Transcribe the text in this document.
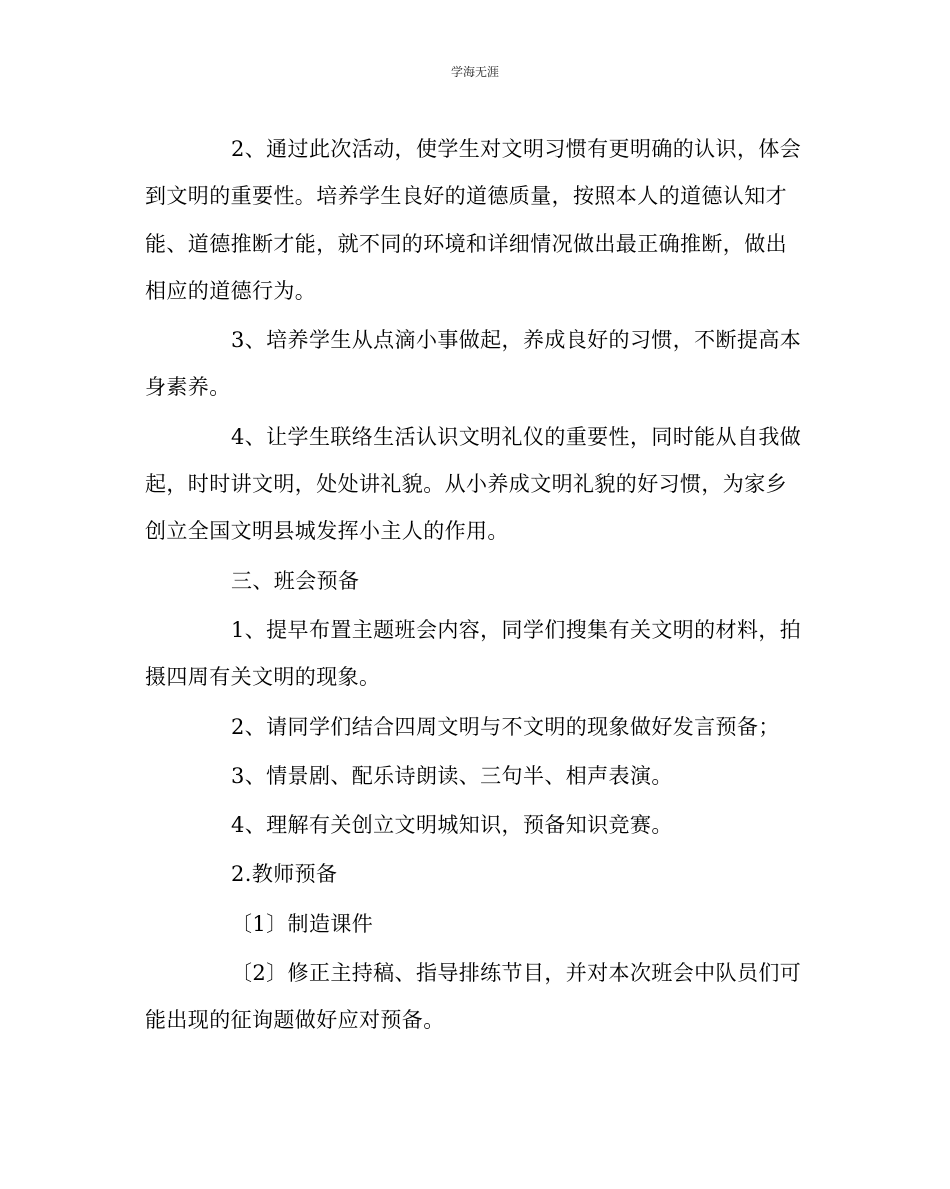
学海无涯

2、通过此次活动，使学生对文明习惯有更明确的认识，体会到文明的重要性。培养学生良好的道德质量，按照本人的道德认知才能、道德推断才能，就不同的环境和详细情况做出最正确推断，做出相应的道德行为。

3、培养学生从点滴小事做起，养成良好的习惯，不断提高本身素养。

4、让学生联络生活认识文明礼仪的重要性，同时能从自我做起，时时讲文明，处处讲礼貌。从小养成文明礼貌的好习惯，为家乡创立全国文明县城发挥小主人的作用。

三、班会预备

1、提早布置主题班会内容，同学们搜集有关文明的材料，拍摄四周有关文明的现象。

2、请同学们结合四周文明与不文明的现象做好发言预备；

3、情景剧、配乐诗朗读、三句半、相声表演。

4、理解有关创立文明城知识，预备知识竞赛。

2.教师预备

〔1〕制造课件

〔2〕修正主持稿、指导排练节目，并对本次班会中队员们可能出现的征询题做好应对预备。
